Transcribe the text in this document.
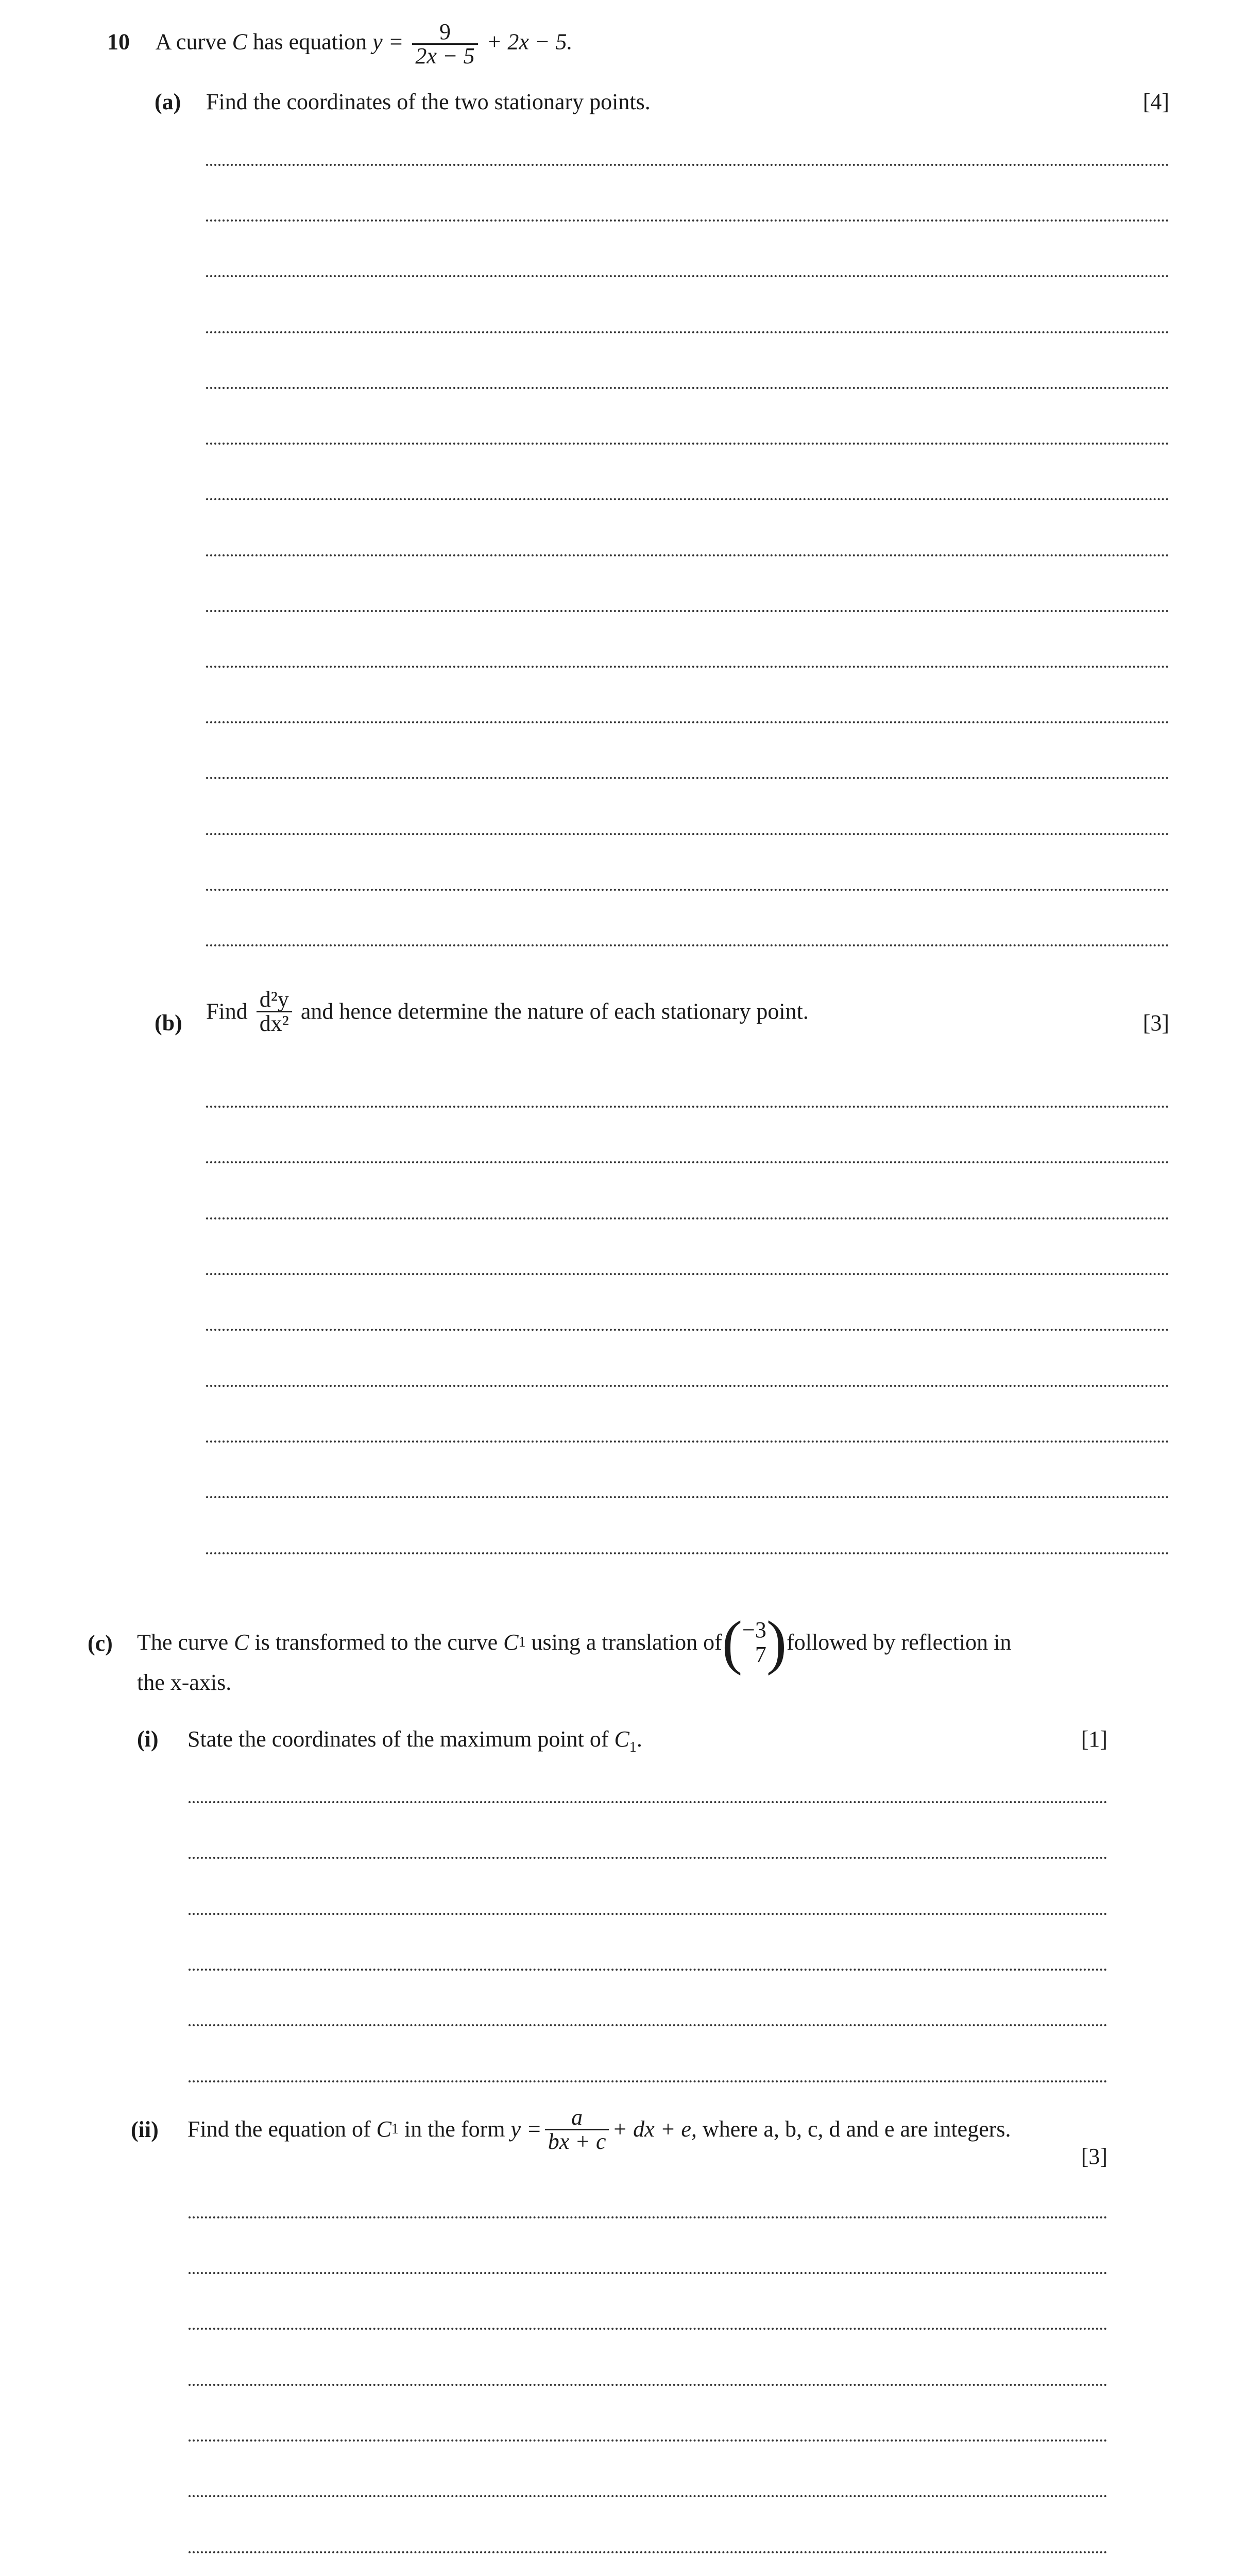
10 A curve C has equation $y = \frac{9}{2x - 5} + 2x - 5$.
(a) Find the coordinates of the two stationary points.	[4]
(b) Find $\frac{\text{d²y}}{\text{dx²}}$ and hence determine the nature of each stationary point.	[3]
(c) The curve
C
is transformed to the curve
C 1
using a translation of ( −3
7 ) followed by reflection in
the x-axis.
(i) State the coordinates of the maximum point of $C_1$.	[1]
(ii) Find the equation of
C 1
in the form
$y = \frac{a}{bx + c}$ + dx + e,
where a, b, c, d and e are integers.
[3]
